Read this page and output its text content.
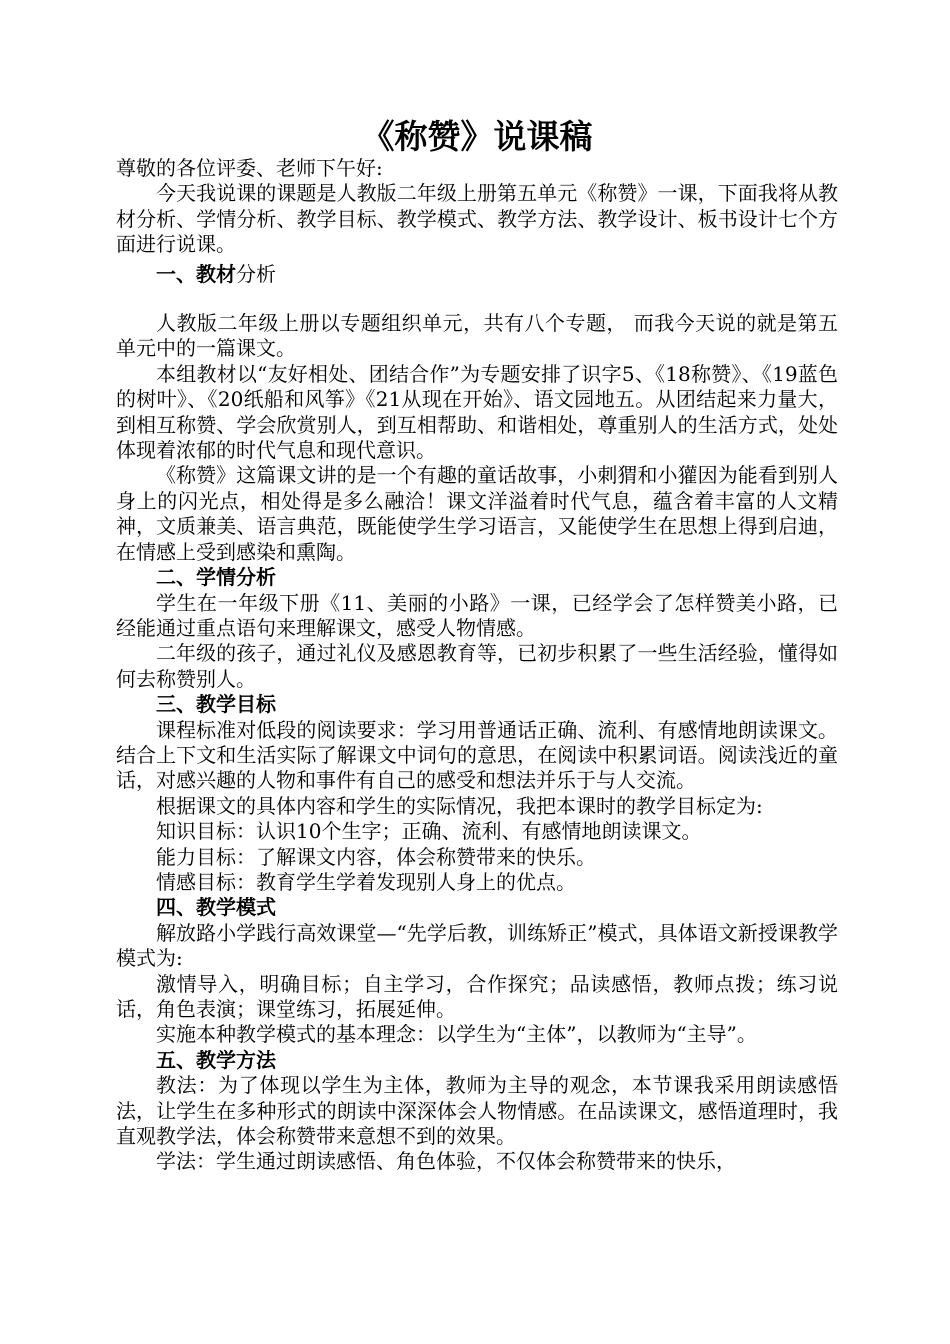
《称赞》说课稿

尊敬的各位评委、老师下午好:

今天我说课的课题是人教版二年级上册第五单元《称赞》一课，下面我将从教材分析、学情分析、教学目标、教学模式、教学方法、教学设计、板书设计七个方面进行说课。

一、教材分析

人教版二年级上册以专题组织单元，共有八个专题， 而我今天说的就是第五单元中的一篇课文。

本组教材以“友好相处、团结合作”为专题安排了识字5、《18称赞》、《19蓝色的树叶》、《20纸船和风筝》《21从现在开始》、语文园地五。从团结起来力量大，到相互称赞、学会欣赏别人，到互相帮助、和谐相处，尊重别人的生活方式，处处体现着浓郁的时代气息和现代意识。

《称赞》这篇课文讲的是一个有趣的童话故事，小刺猬和小獾因为能看到别人身上的闪光点，相处得是多么融洽！课文洋溢着时代气息，蕴含着丰富的人文精神，文质兼美、语言典范，既能使学生学习语言，又能使学生在思想上得到启迪，在情感上受到感染和熏陶。

二、学情分析

学生在一年级下册《11、美丽的小路》一课，已经学会了怎样赞美小路，已经能通过重点语句来理解课文，感受人物情感。

二年级的孩子，通过礼仪及感恩教育等，已初步积累了一些生活经验，懂得如何去称赞别人。

三、教学目标

课程标准对低段的阅读要求：学习用普通话正确、流利、有感情地朗读课文。结合上下文和生活实际了解课文中词句的意思，在阅读中积累词语。阅读浅近的童话，对感兴趣的人物和事件有自己的感受和想法并乐于与人交流。

根据课文的具体内容和学生的实际情况，我把本课时的教学目标定为:

知识目标：认识10个生字；正确、流利、有感情地朗读课文。

能力目标：了解课文内容，体会称赞带来的快乐。

情感目标：教育学生学着发现别人身上的优点。

四、教学模式

解放路小学践行高效课堂—“先学后教，训练矫正”模式，具体语文新授课教学模式为:

激情导入，明确目标；自主学习，合作探究；品读感悟，教师点拨；练习说话，角色表演；课堂练习，拓展延伸。

实施本种教学模式的基本理念：以学生为“主体”，以教师为“主导”。

五、教学方法

教法：为了体现以学生为主体，教师为主导的观念，本节课我采用朗读感悟法，让学生在多种形式的朗读中深深体会人物情感。在品读课文，感悟道理时，我直观教学法，体会称赞带来意想不到的效果。

学法：学生通过朗读感悟、角色体验，不仅体会称赞带来的快乐，
